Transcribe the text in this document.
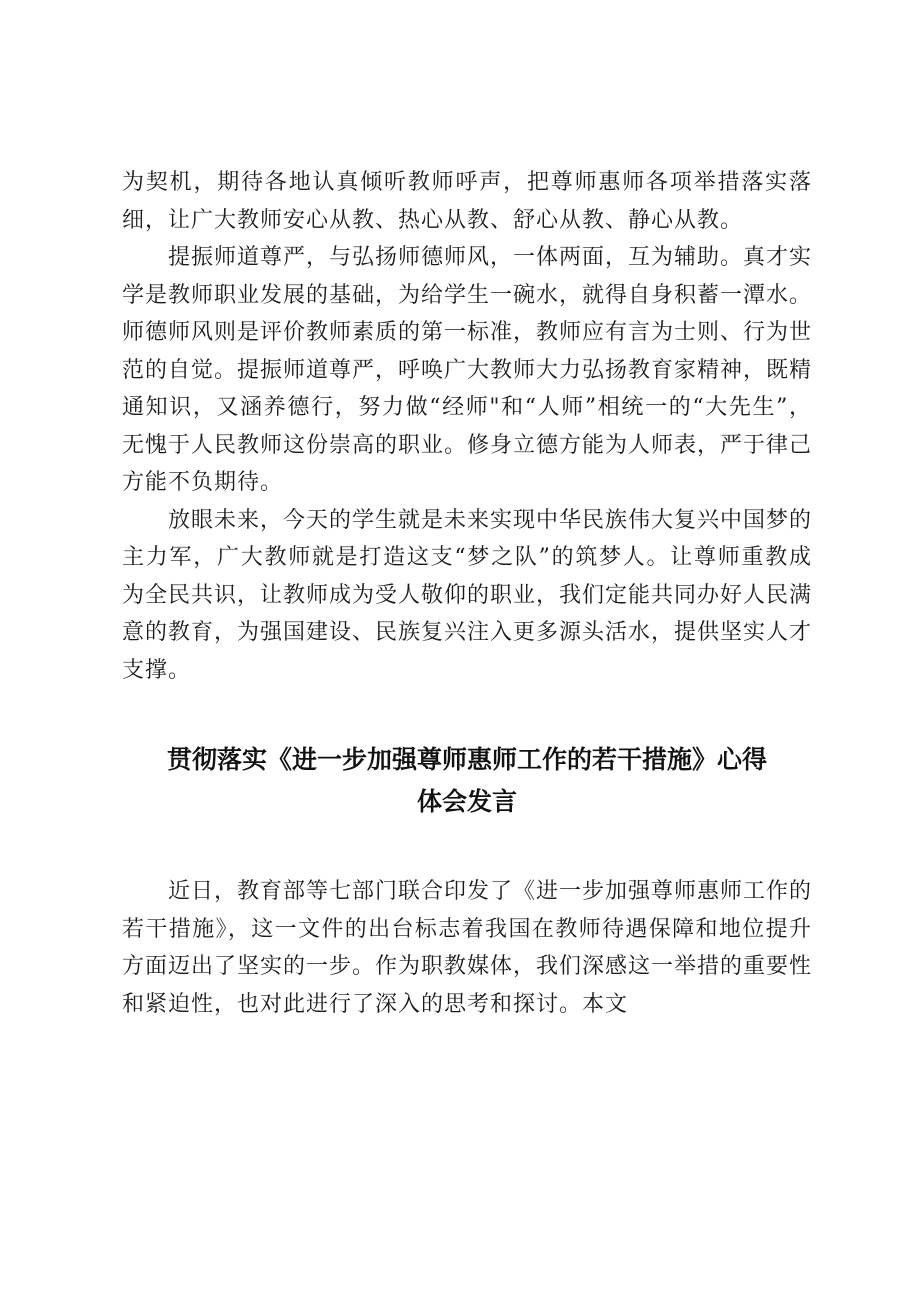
为契机，期待各地认真倾听教师呼声，把尊师惠师各项举措落实落细，让广大教师安心从教、热心从教、舒心从教、静心从教。

提振师道尊严，与弘扬师德师风，一体两面，互为辅助。真才实学是教师职业发展的基础，为给学生一碗水，就得自身积蓄一潭水。师德师风则是评价教师素质的第一标准，教师应有言为士则、行为世范的自觉。提振师道尊严，呼唤广大教师大力弘扬教育家精神，既精通知识，又涵养德行，努力做“经师"和“人师”相统一的“大先生”，无愧于人民教师这份崇高的职业。修身立德方能为人师表，严于律己方能不负期待。

放眼未来，今天的学生就是未来实现中华民族伟大复兴中国梦的主力军，广大教师就是打造这支“梦之队”的筑梦人。让尊师重教成为全民共识，让教师成为受人敬仰的职业，我们定能共同办好人民满意的教育，为强国建设、民族复兴注入更多源头活水，提供坚实人才支撑。

贯彻落实《进一步加强尊师惠师工作的若干措施》心得
体会发言

近日，教育部等七部门联合印发了《进一步加强尊师惠师工作的若干措施》，这一文件的出台标志着我国在教师待遇保障和地位提升方面迈出了坚实的一步。作为职教媒体，我们深感这一举措的重要性和紧迫性，也对此进行了深入的思考和探讨。本文
